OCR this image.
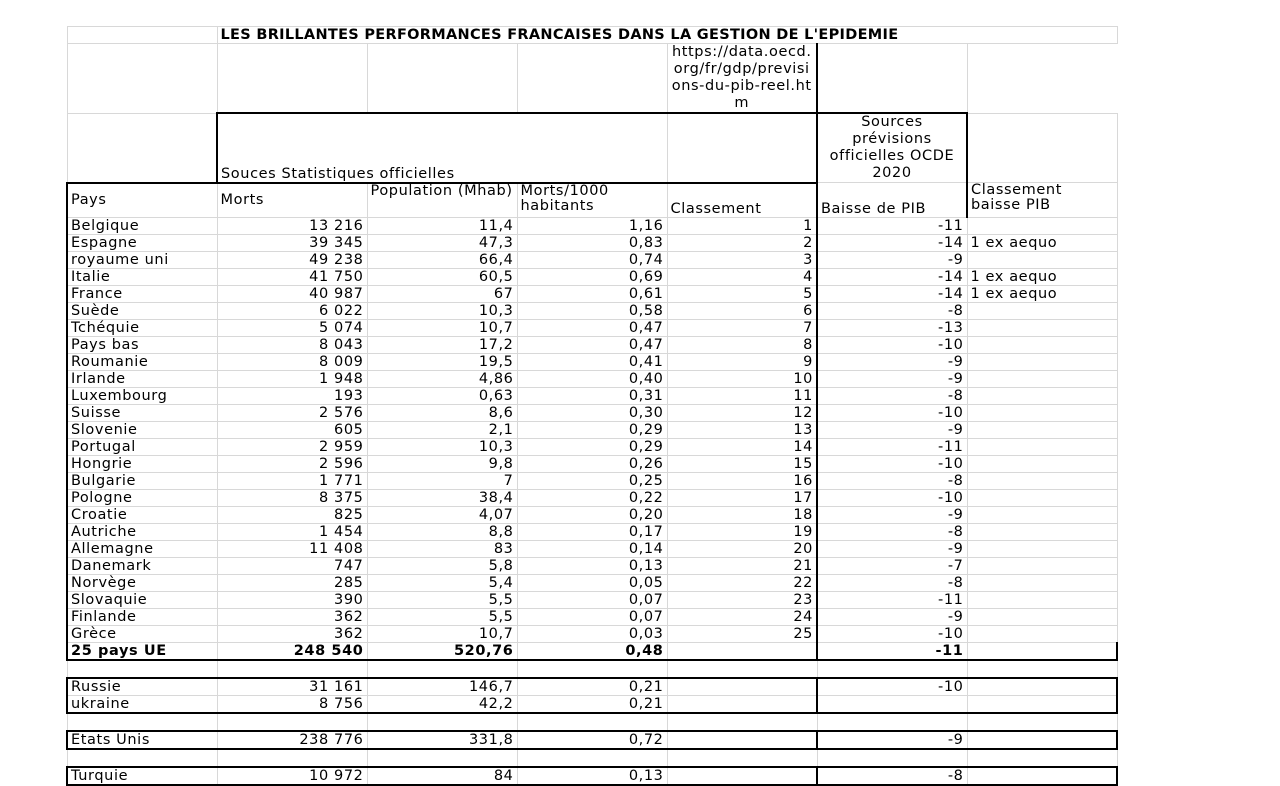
	LES BRILLANTES PERFORMANCES FRANCAISES DANS LA GESTION DE L'EPIDEMIE					
				https://data.oecd.org/fr/gdp/previsions-du-pib-reel.htm		
	Souces Statistiques officielles				Sources prévisions officielles OCDE 2020	
Pays	Morts	Population (Mhab)	Morts/1000 habitants	Classement	Baisse de PIB	Classement baisse PIB
Belgique	13 216	11,4	1,16	1	-11	
Espagne	39 345	47,3	0,83	2	-14	1 ex aequo
royaume uni	49 238	66,4	0,74	3	-9	
Italie	41 750	60,5	0,69	4	-14	1 ex aequo
France	40 987	67	0,61	5	-14	1 ex aequo
Suède	6 022	10,3	0,58	6	-8	
Tchéquie	5 074	10,7	0,47	7	-13	
Pays bas	8 043	17,2	0,47	8	-10	
Roumanie	8 009	19,5	0,41	9	-9	
Irlande	1 948	4,86	0,40	10	-9	
Luxembourg	193	0,63	0,31	11	-8	
Suisse	2 576	8,6	0,30	12	-10	
Slovenie	605	2,1	0,29	13	-9	
Portugal	2 959	10,3	0,29	14	-11	
Hongrie	2 596	9,8	0,26	15	-10	
Bulgarie	1 771	7	0,25	16	-8	
Pologne	8 375	38,4	0,22	17	-10	
Croatie	825	4,07	0,20	18	-9	
Autriche	1 454	8,8	0,17	19	-8	
Allemagne	11 408	83	0,14	20	-9	
Danemark	747	5,8	0,13	21	-7	
Norvège	285	5,4	0,05	22	-8	
Slovaquie	390	5,5	0,07	23	-11	
Finlande	362	5,5	0,07	24	-9	
Grèce	362	10,7	0,03	25	-10	
25 pays UE	248 540	520,76	0,48		-11	

Russie	31 161	146,7	0,21		-10	
ukraine	8 756	42,2	0,21			

Etats Unis	238 776	331,8	0,72		-9	

Turquie	10 972	84	0,13		-8	
